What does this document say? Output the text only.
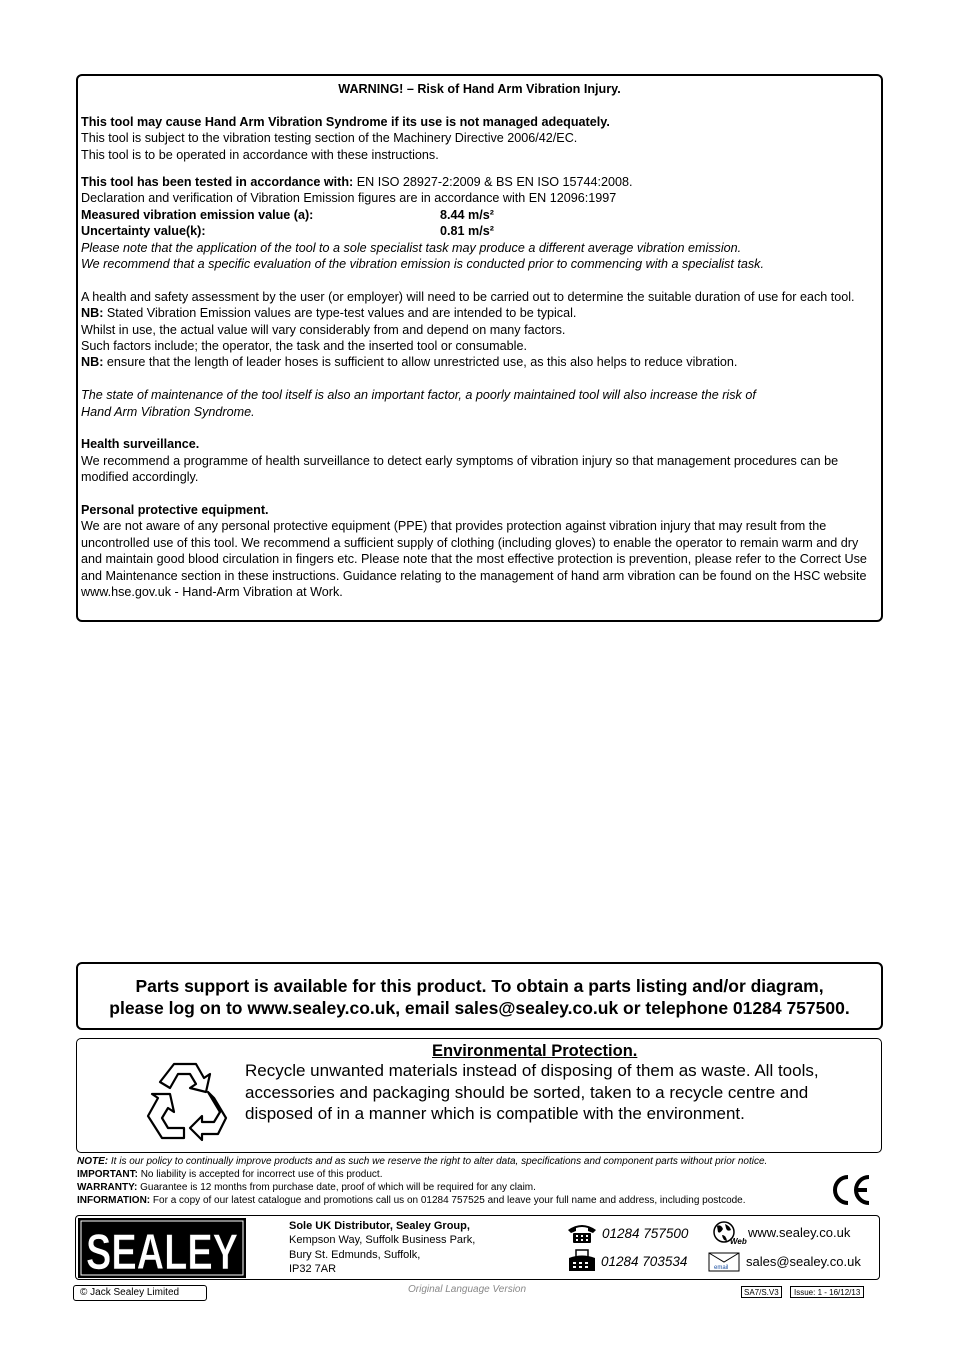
WARNING! – Risk of Hand Arm Vibration Injury.

This tool may cause Hand Arm Vibration Syndrome if its use is not managed adequately.

This tool is subject to the vibration testing section of the Machinery Directive 2006/42/EC.

This tool is to be operated in accordance with these instructions.

This tool has been tested in accordance with: EN ISO 28927-2:2009 & BS EN ISO 15744:2008.

Declaration and verification of Vibration Emission figures are in accordance with EN 12096:1997

Measured vibration emission value (a):	8.44 m/s²
Uncertainty value(k):	0.81 m/s²

Please note that the application of the tool to a sole specialist task may produce a different average vibration emission.

We recommend that a specific evaluation of the vibration emission is conducted prior to commencing with a specialist task.

A health and safety assessment by the user (or employer) will need to be carried out to determine the suitable duration of use for each tool.

NB: Stated Vibration Emission values are type-test values and are intended to be typical.

Whilst in use, the actual value will vary considerably from and depend on many factors.

Such factors include; the operator, the task and the inserted tool or consumable.

NB: ensure that the length of leader hoses is sufficient to allow unrestricted use, as this also helps to reduce vibration.

The state of maintenance of the tool itself is also an important factor, a poorly maintained tool will also increase the risk of

Hand Arm Vibration Syndrome.

Health surveillance.

We recommend a programme of health surveillance to detect early symptoms of vibration injury so that management procedures can be modified accordingly.

Personal protective equipment.

We are not aware of any personal protective equipment (PPE) that provides protection against vibration injury that may result from the uncontrolled use of this tool. We recommend a sufficient supply of clothing (including gloves) to enable the operator to remain warm and dry and maintain good blood circulation in fingers etc. Please note that the most effective protection is prevention, please refer to the Correct Use and Maintenance section in these instructions. Guidance relating to the management of hand arm vibration can be found on the HSC website www.hse.gov.uk - Hand-Arm Vibration at Work.

Parts support is available for this product. To obtain a parts listing and/or diagram,
please log on to www.sealey.co.uk, email sales@sealey.co.uk or telephone 01284 757500.
Environmental Protection.
Recycle unwanted materials instead of disposing of them as waste. All tools, accessories and packaging should be sorted, taken to a recycle centre and disposed of in a manner which is compatible with the environment.
NOTE: It is our policy to continually improve products and as such we reserve the right to alter data, specifications and component parts without prior notice.
IMPORTANT: No liability is accepted for incorrect use of this product.
WARRANTY: Guarantee is 12 months from purchase date, proof of which will be required for any claim.
INFORMATION: For a copy of our latest catalogue and promotions call us on 01284 757525 and leave your full name and address, including postcode.
SEALEY	Sole UK Distributor, Sealey Group,
Kempson Way, Suffolk Business Park,
Bury St. Edmunds, Suffolk,
IP32 7AR
01284 757500
01284 703534
Web
www.sealey.co.uk
email sales@sealey.co.uk
© Jack Sealey Limited	Original Language Version	SA7/S.V3	Issue: 1 - 16/12/13
